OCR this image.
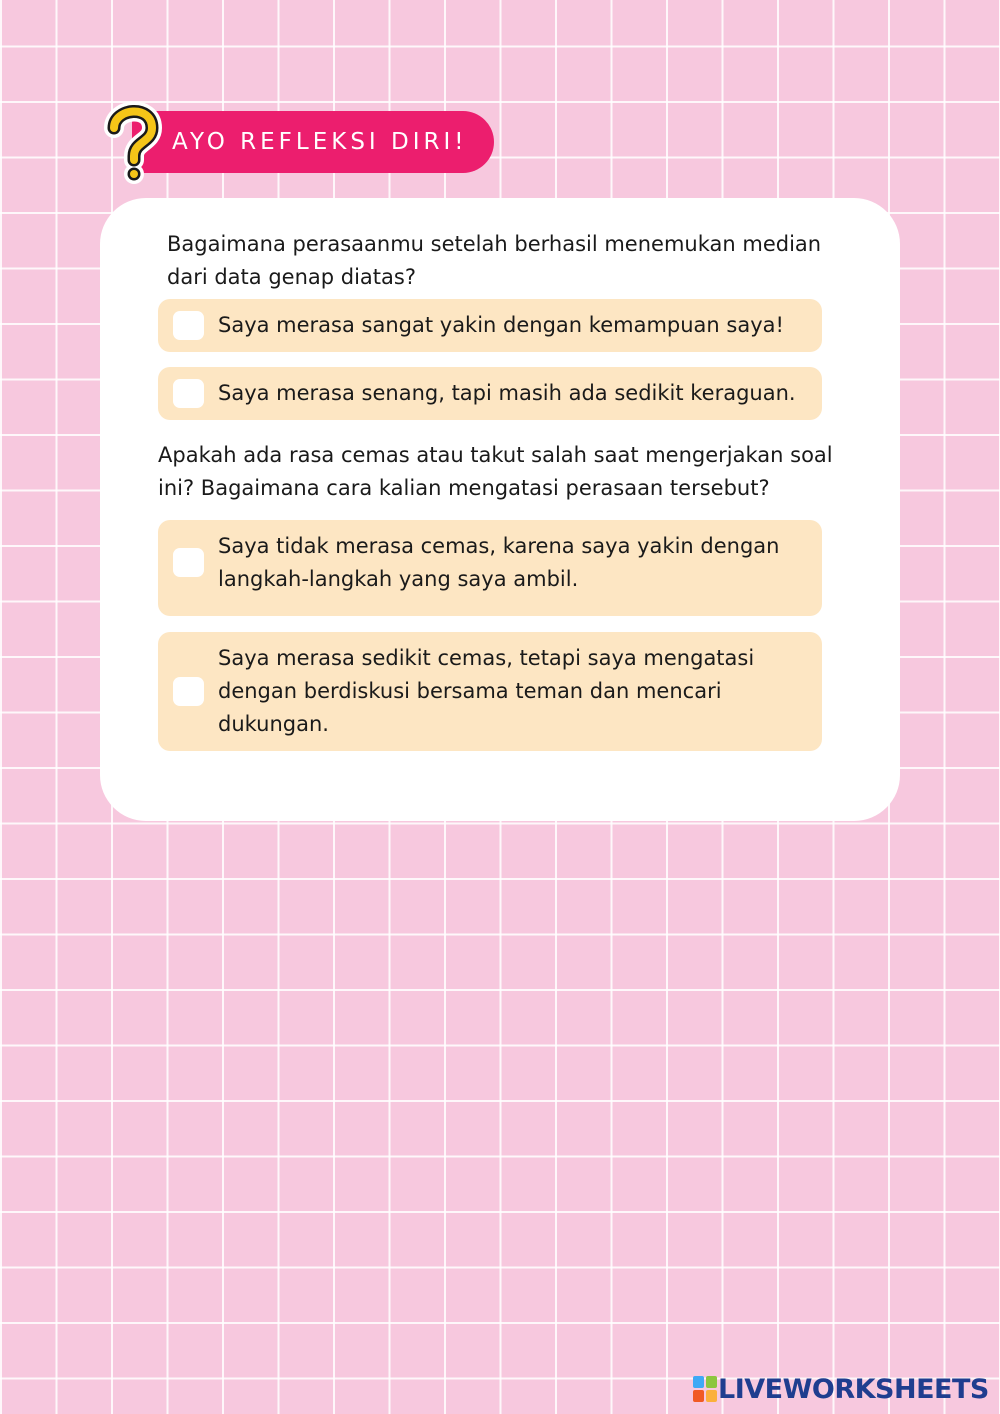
AYO REFLEKSI DIRI!
Bagaimana perasaanmu setelah berhasil menemukan median dari data genap diatas?
Saya merasa sangat yakin dengan kemampuan saya!
Saya merasa senang, tapi masih ada sedikit keraguan.
Apakah ada rasa cemas atau takut salah saat mengerjakan soal ini? Bagaimana cara kalian mengatasi perasaan tersebut?
Saya tidak merasa cemas, karena saya yakin dengan langkah-langkah yang saya ambil.
Saya merasa sedikit cemas, tetapi saya mengatasi dengan berdiskusi bersama teman dan mencari dukungan.
LIVEWORKSHEETS
